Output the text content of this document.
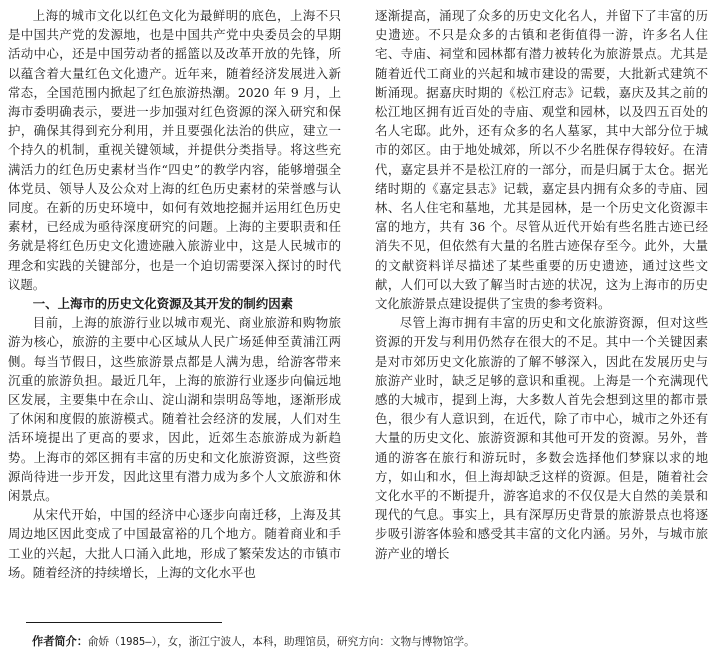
上海的城市文化以红色文化为最鲜明的底色，上海不只是中国共产党的发源地，也是中国共产党中央委员会的早期活动中心，还是中国劳动者的摇篮以及改革开放的先锋，所以蕴含着大量红色文化遗产。近年来，随着经济发展进入新常态，全国范围内掀起了红色旅游热潮。2020 年 9 月，上海市委明确表示，要进一步加强对红色资源的深入研究和保护，确保其得到充分利用，并且要强化法治的供应，建立一个持久的机制，重视关键领域，并提供分类指导。将这些充满活力的红色历史素材当作“四史”的教学内容，能够增强全体党员、领导人及公众对上海的红色历史素材的荣誉感与认同度。在新的历史环境中，如何有效地挖掘并运用红色历史素材，已经成为亟待深度研究的问题。上海的主要职责和任务就是将红色历史文化遗迹融入旅游业中，这是人民城市的理念和实践的关键部分，也是一个迫切需要深入探讨的时代议题。

一、上海市的历史文化资源及其开发的制约因素

目前，上海的旅游行业以城市观光、商业旅游和购物旅游为核心，旅游的主要中心区域从人民广场延伸至黄浦江两侧。每当节假日，这些旅游景点都是人满为患，给游客带来沉重的旅游负担。最近几年，上海的旅游行业逐步向偏远地区发展，主要集中在佘山、淀山湖和崇明岛等地，逐渐形成了休闲和度假的旅游模式。随着社会经济的发展，人们对生活环境提出了更高的要求，因此，近郊生态旅游成为新趋势。上海市的郊区拥有丰富的历史和文化旅游资源，这些资源尚待进一步开发，因此这里有潜力成为多个人文旅游和休闲景点。

从宋代开始，中国的经济中心逐步向南迁移，上海及其周边地区因此变成了中国最富裕的几个地方。随着商业和手工业的兴起，大批人口涌入此地，形成了繁荣发达的市镇市场。随着经济的持续增长，上海的文化水平也

逐渐提高，涌现了众多的历史文化名人，并留下了丰富的历史遗迹。不只是众多的古镇和老街值得一游，许多名人住宅、寺庙、祠堂和园林都有潜力被转化为旅游景点。尤其是随着近代工商业的兴起和城市建设的需要，大批新式建筑不断涌现。据嘉庆时期的《松江府志》记载，嘉庆及其之前的松江地区拥有近百处的寺庙、观堂和园林，以及四五百处的名人宅邸。此外，还有众多的名人墓冢，其中大部分位于城市的郊区。由于地处城郊，所以不少名胜保存得较好。在清代，嘉定县并不是松江府的一部分，而是归属于太仓。据光绪时期的《嘉定县志》记载，嘉定县内拥有众多的寺庙、园林、名人住宅和墓地，尤其是园林，是一个历史文化资源丰富的地方，共有 36 个。尽管从近代开始有些名胜古迹已经消失不见，但依然有大量的名胜古迹保存至今。此外，大量的文献资料详尽描述了某些重要的历史遗迹，通过这些文献，人们可以大致了解当时古迹的状况，这为上海市的历史文化旅游景点建设提供了宝贵的参考资料。

尽管上海市拥有丰富的历史和文化旅游资源，但对这些资源的开发与利用仍然存在很大的不足。其中一个关键因素是对市郊历史文化旅游的了解不够深入，因此在发展历史与旅游产业时，缺乏足够的意识和重视。上海是一个充满现代感的大城市，提到上海，大多数人首先会想到这里的都市景色，很少有人意识到，在近代，除了市中心，城市之外还有大量的历史文化、旅游资源和其他可开发的资源。另外，普通的游客在旅行和游玩时，多数会选择他们梦寐以求的地方，如山和水，但上海却缺乏这样的资源。但是，随着社会文化水平的不断提升，游客追求的不仅仅是大自然的美景和现代的气息。事实上，具有深厚历史背景的旅游景点也将逐步吸引游客体验和感受其丰富的文化内涵。另外，与城市旅游产业的增长

作者简介：俞娇（1985—），女，浙江宁波人，本科，助理馆员，研究方向：文物与博物馆学。
